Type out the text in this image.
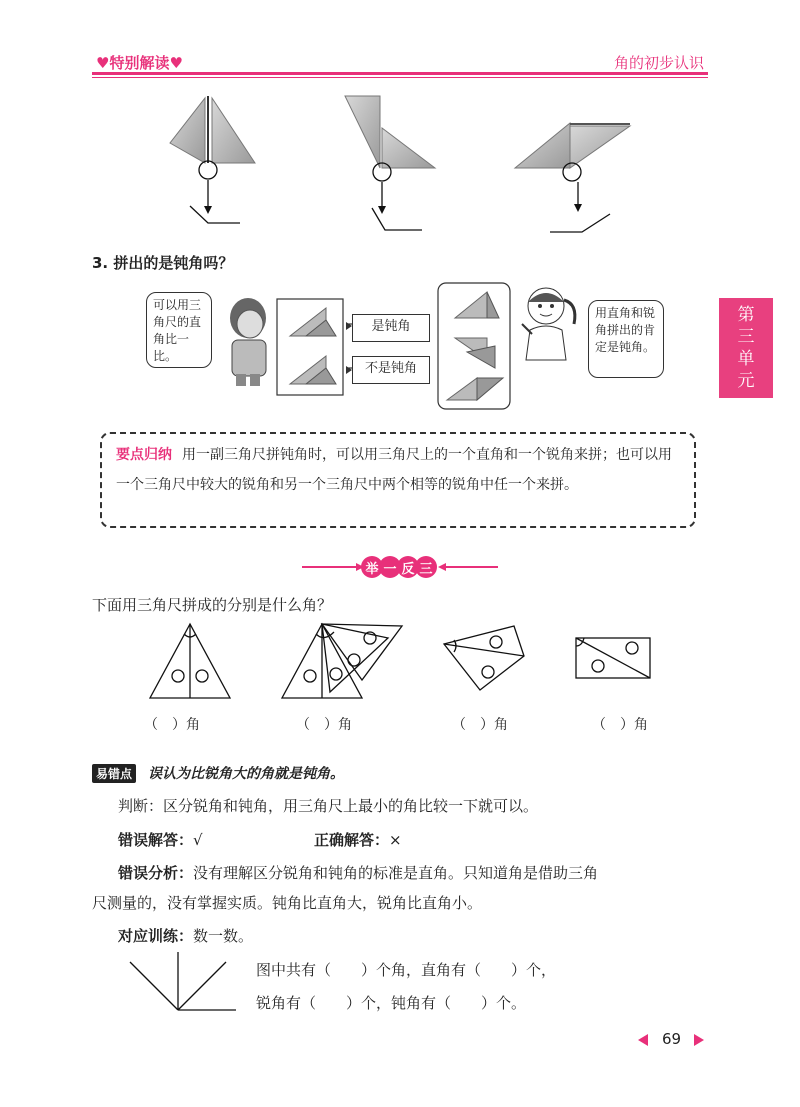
♥特别解读♥	角的初步认识
第
三
单
元
3. 拼出的是钝角吗？
可以用三角尺的直角比一比。
是钝角
不是钝角
用直角和锐角拼出的肯定是钝角。
要点归纳 用一副三角尺拼钝角时，可以用三角尺上的一个直角和一个锐角来拼；也可以用一个三角尺中较大的锐角和另一个三角尺中两个相等的锐角中任一个来拼。
举 一 反 三
下面用三角尺拼成的分别是什么角？
（　）角	（　）角	（　）角	（　）角
易错点 误认为比锐角大的角就是钝角。
判断：区分锐角和钝角，用三角尺上最小的角比较一下就可以。
错误解答：√	正确解答：×
错误分析：没有理解区分锐角和钝角的标准是直角。只知道角是借助三角
尺测量的，没有掌握实质。钝角比直角大，锐角比直角小。
对应训练：数一数。
图中共有（　　）个角，直角有（　　）个，
锐角有（　　）个，钝角有（　　）个。
69
